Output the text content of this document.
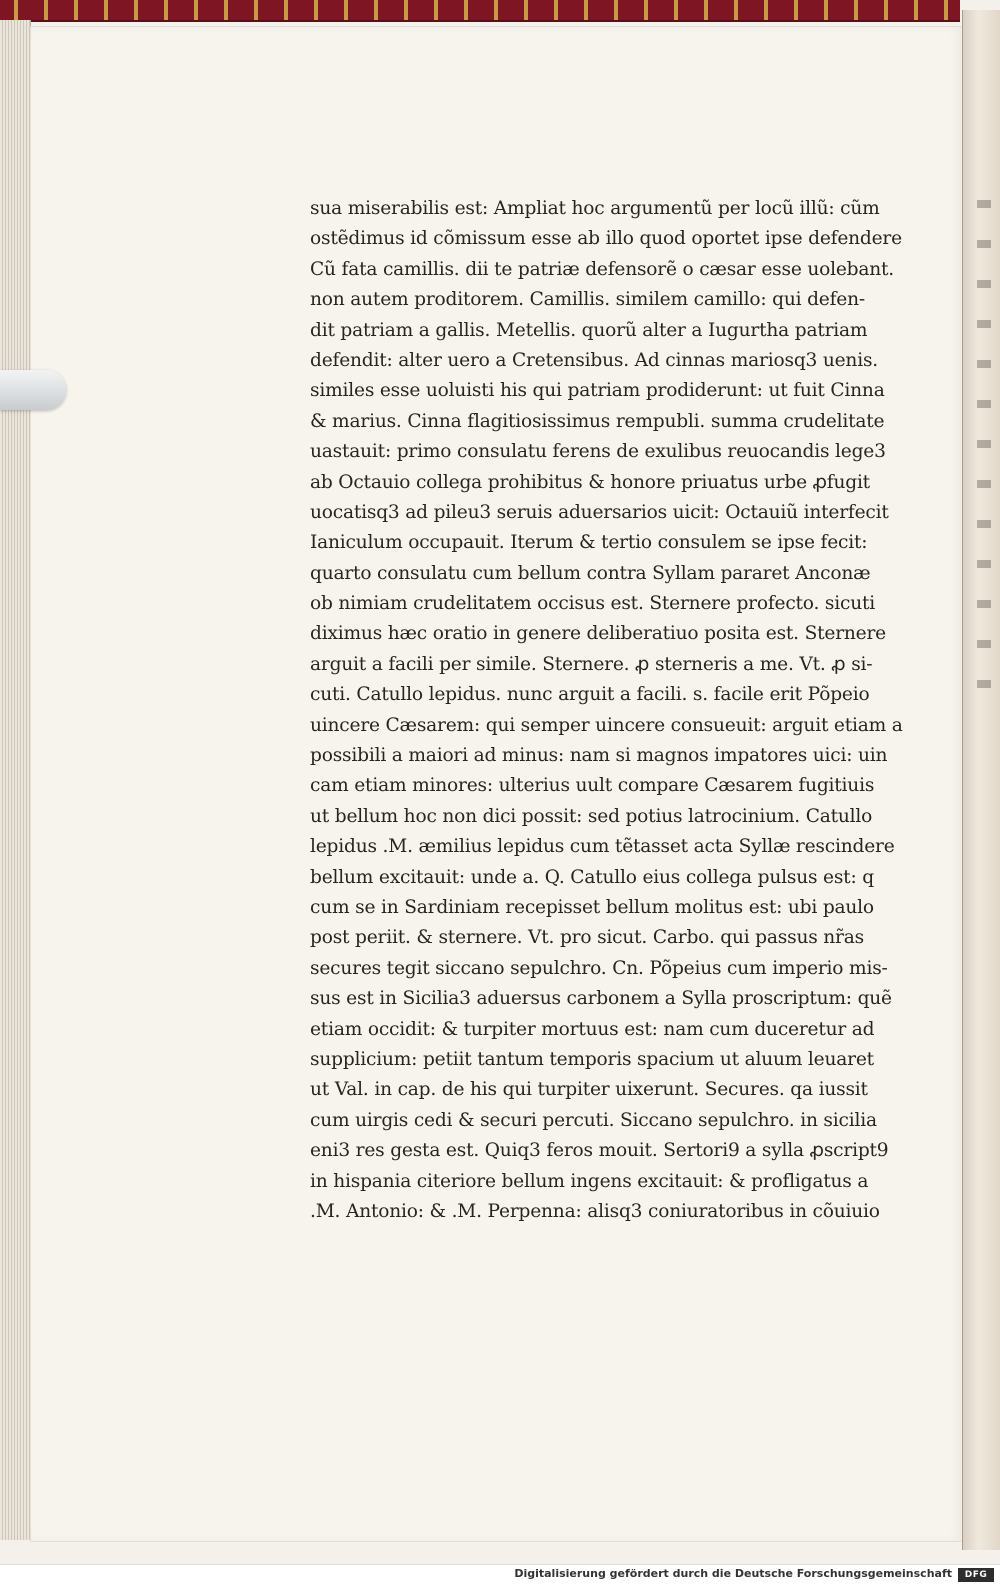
sua miserabilis est: Ampliat hoc argumentũ per locũ illũ: cũm
ostẽdimus id cõmissum esse ab illo quod oportet ipse defendere
Cũ fata camillis. dii te patriæ defensorẽ o cæsar esse uolebant.
non autem proditorem. Camillis. similem camillo: qui defen-
dit patriam a gallis. Metellis. quorũ alter a Iugurtha patriam
defendit: alter uero a Cretensibus. Ad cinnas mariosq3 uenis.
similes esse uoluisti his qui patriam prodiderunt: ut fuit Cinna
& marius. Cinna flagitiosissimus rempubli. summa crudelitate
uastauit: primo consulatu ferens de exulibus reuocandis lege3
ab Octauio collega prohibitus & honore priuatus urbe ꝓfugit
uocatisq3 ad pileu3 seruis aduersarios uicit: Octauiũ interfecit
Ianiculum occupauit. Iterum & tertio consulem se ipse fecit:
quarto consulatu cum bellum contra Syllam pararet Anconæ
ob nimiam crudelitatem occisus est. Sternere profecto. sicuti
diximus hæc oratio in genere deliberatiuo posita est. Sternere
arguit a facili per simile. Sternere. ꝓ sterneris a me. Vt. ꝓ si-
cuti. Catullo lepidus. nunc arguit a facili. s. facile erit Põpeio
uincere Cæsarem: qui semper uincere consueuit: arguit etiam a
possibili a maiori ad minus: nam si magnos impatores uici: uin
cam etiam minores: ulterius uult compare Cæsarem fugitiuis
ut bellum hoc non dici possit: sed potius latrocinium. Catullo
lepidus .M. æmilius lepidus cum tẽtasset acta Syllæ rescindere
bellum excitauit: unde a. Q. Catullo eius collega pulsus est: q
cum se in Sardiniam recepisset bellum molitus est: ubi paulo
post periit. & sternere. Vt. pro sicut. Carbo. qui passus nr̃as
secures tegit siccano sepulchro. Cn. Põpeius cum imperio mis-
sus est in Sicilia3 aduersus carbonem a Sylla proscriptum: quẽ
etiam occidit: & turpiter mortuus est: nam cum duceretur ad
supplicium: petiit tantum temporis spacium ut aluum leuaret
ut Val. in cap. de his qui turpiter uixerunt. Secures. qa iussit
cum uirgis cedi & securi percuti. Siccano sepulchro. in sicilia
eni3 res gesta est. Quiq3 feros mouit. Sertori9 a sylla ꝓscript9
in hispania citeriore bellum ingens excitauit: & profligatus a
.M. Antonio: & .M. Perpenna: alisq3 coniuratoribus in cõuiuio
Digitalisierung gefördert durch die Deutsche Forschungsgemeinschaft	DFG
